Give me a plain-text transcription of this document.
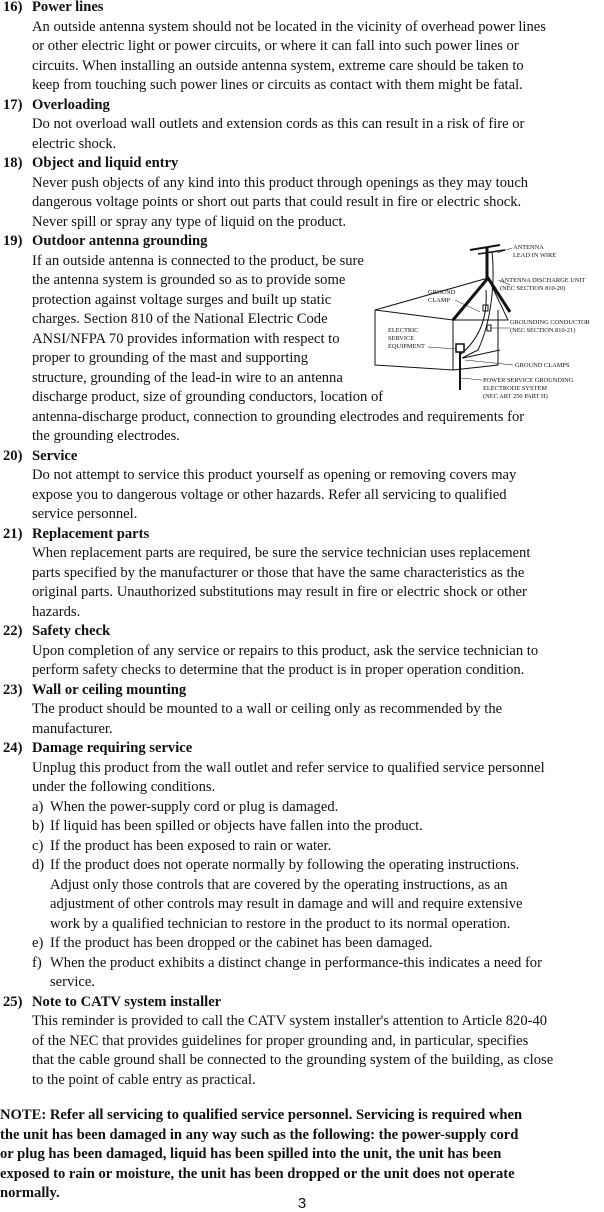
16) Power lines
An outside antenna system should not be located in the vicinity of overhead power lines
or other electric light or power circuits, or where it can fall into such power lines or
circuits. When installing an outside antenna system, extreme care should be taken to
keep from touching such power lines or circuits as contact with them might be fatal.
17) Overloading
Do not overload wall outlets and extension cords as this can result in a risk of fire or
electric shock.
18) Object and liquid entry
Never push objects of any kind into this product through openings as they may touch
dangerous voltage points or short out parts that could result in fire or electric shock.
Never spill or spray any type of liquid on the product.
19) Outdoor antenna grounding
If an outside antenna is connected to the product, be sure
the antenna system is grounded so as to provide some
protection against voltage surges and built up static
charges. Section 810 of the National Electric Code
ANSI/NFPA 70 provides information with respect to
proper to grounding of the mast and supporting
structure, grounding of the lead-in wire to an antenna
discharge product, size of grounding conductors, location of
antenna-discharge product, connection to grounding electrodes and requirements for
the grounding electrodes.
20) Service
Do not attempt to service this product yourself as opening or removing covers may
expose you to dangerous voltage or other hazards. Refer all servicing to qualified
service personnel.
21) Replacement parts
When replacement parts are required, be sure the service technician uses replacement
parts specified by the manufacturer or those that have the same characteristics as the
original parts. Unauthorized substitutions may result in fire or electric shock or other
hazards.
22) Safety check
Upon completion of any service or repairs to this product, ask the service technician to
perform safety checks to determine that the product is in proper operation condition.
23) Wall or ceiling mounting
The product should be mounted to a wall or ceiling only as recommended by the
manufacturer.
24) Damage requiring service
Unplug this product from the wall outlet and refer service to qualified service personnel
under the following conditions.
a) When the power-supply cord or plug is damaged.
b) If liquid has been spilled or objects have fallen into the product.
c) If the product has been exposed to rain or water.
d) If the product does not operate normally by following the operating instructions.
Adjust only those controls that are covered by the operating instructions, as an
adjustment of other controls may result in damage and will and require extensive
work by a qualified technician to restore in the product to its normal operation.
e) If the product has been dropped or the cabinet has been damaged.
f) When the product exhibits a distinct change in performance-this indicates a need for
service.
25) Note to CATV system installer
This reminder is provided to call the CATV system installer's attention to Article 820-40
of the NEC that provides guidelines for proper grounding and, in particular, specifies
that the cable ground shall be connected to the grounding system of the building, as close
to the point of cable entry as practical.
NOTE: Refer all servicing to qualified service personnel. Servicing is required when
the unit has been damaged in any way such as the following: the power-supply cord
or plug has been damaged, liquid has been spilled into the unit, the unit has been
exposed to rain or moisture, the unit has been dropped or the unit does not operate
normally.
ANTENNA
LEAD IN WIRE
ANTENNA DISCHARGE UNIT
(NEC SECTION 810-20)
GROUND
CLAMP
GROUNDING CONDUCTOR
(NEC SECTION 810-21)
ELECTRIC
SERVICE
EQUIPMENT
GROUND CLAMPS
POWER SERVICE GROUNDING
ELECTRODE SYSTEM
(NEC ART 250 PART H)
3
